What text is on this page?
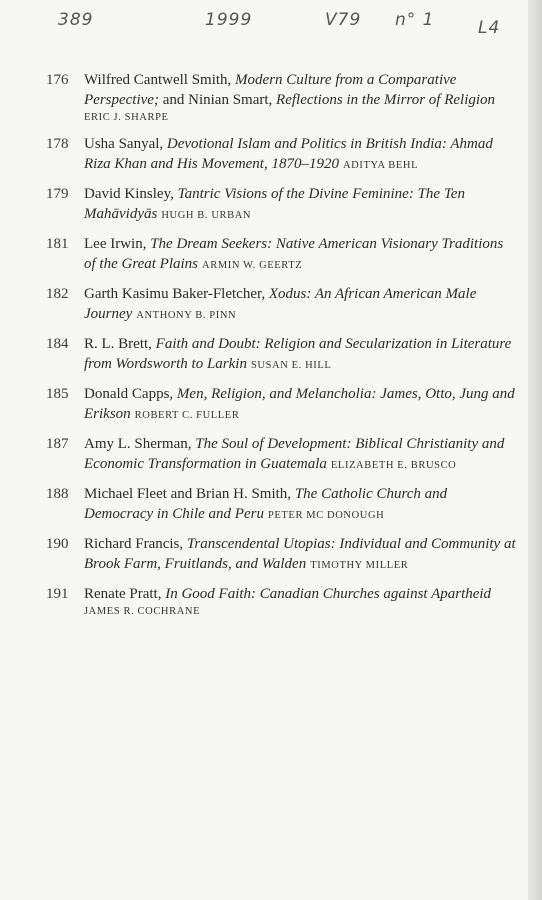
389	1999	V79 n° 1	L4
176 Wilfred Cantwell Smith, Modern Culture from a Comparative Perspective; and Ninian Smart, Reflections in the Mirror of Religion
ERIC J. SHARPE
178 Usha Sanyal, Devotional Islam and Politics in British India: Ahmad Riza Khan and His Movement, 1870–1920 ADITYA BEHL
179 David Kinsley, Tantric Visions of the Divine Feminine: The Ten Mahāvidyās HUGH B. URBAN
181 Lee Irwin, The Dream Seekers: Native American Visionary Traditions of the Great Plains ARMIN W. GEERTZ
182 Garth Kasimu Baker-Fletcher, Xodus: An African American Male Journey ANTHONY B. PINN
184 R. L. Brett, Faith and Doubt: Religion and Secularization in Literature from Wordsworth to Larkin SUSAN E. HILL
185 Donald Capps, Men, Religion, and Melancholia: James, Otto, Jung and Erikson ROBERT C. FULLER
187 Amy L. Sherman, The Soul of Development: Biblical Christianity and Economic Transformation in Guatemala ELIZABETH E. BRUSCO
188 Michael Fleet and Brian H. Smith, The Catholic Church and Democracy in Chile and Peru PETER MC DONOUGH
190 Richard Francis, Transcendental Utopias: Individual and Community at Brook Farm, Fruitlands, and Walden TIMOTHY MILLER
191 Renate Pratt, In Good Faith: Canadian Churches against Apartheid
JAMES R. COCHRANE
